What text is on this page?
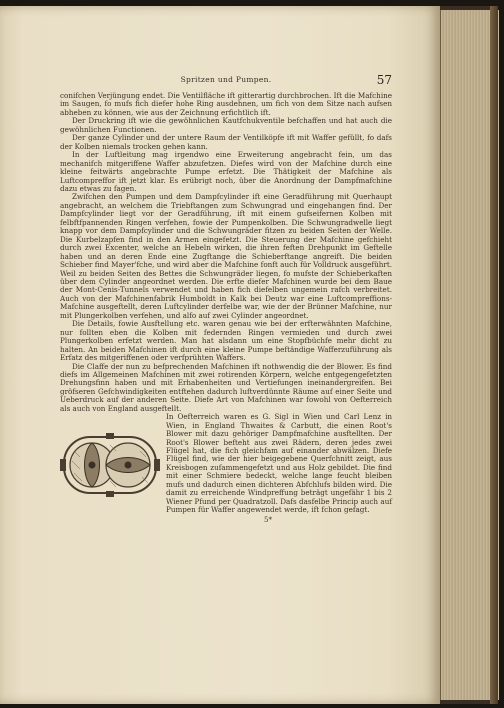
Spritzen und Pumpen.	57

conifchen Verjüngung endet. Die Ventilfläche ift gitterartig durchbrochen. Ift die Mafchine im Saugen, fo mufs fich diefer hohe Ring ausdehnen, um fich von dem Sitze nach aufsen abheben zu können, wie aus der Zeichnung erfichtlich ift.

Der Druckring ift wie die gewöhnlichen Kautfchukventile befchaffen und hat auch die gewöhnlichen Functionen.

Der ganze Cylinder und der untere Raum der Ventilköpfe ift mit Waffer gefüllt, fo dafs der Kolben niemals trocken gehen kann.

In der Luftleitung mag irgendwo eine Erweiterung angebracht fein, um das mechanifch mitgeriffene Waffer abzufetzen. Diefes wird von der Mafchine durch eine kleine feitwärts angebrachte Pumpe erfetzt. Die Thätigkeit der Mafchine als Luftcompreffor ift jetzt klar. Es erübrigt noch, über die Anordnung der Dampfmafchine dazu etwas zu fagen.

Zwifchen den Pumpen und dem Dampfcylinder ift eine Geradführung mit Querhaupt angebracht, an welchem die Triebftangen zum Schwungrad und eingehangen find. Der Dampfcylinder liegt vor der Geradführung, ift mit einem gufseifernen Kolben mit felbftfpannenden Ringen verfehen, fowie der Pumpenkolben. Die Schwungradwelle liegt knapp vor dem Dampfcylinder und die Schwungräder fitzen zu beiden Seiten der Welle. Die Kurbelzapfen find in den Armen eingefetzt. Die Steuerung der Mafchine gefchieht durch zwei Excenter, welche an Hebeln wirken, die ihren feften Drehpunkt im Geftelle haben und an deren Ende eine Zugftange die Schieberftange angreift. Die beiden Schieber find Mayer'fche, und wird aber die Mafchine fonft auch für Volldruck ausgeführt. Weil zu beiden Seiten des Bettes die Schwungräder liegen, fo mufste der Schieberkaften über dem Cylinder angeordnet werden. Die erfte diefer Mafchinen wurde bei dem Baue der Mont-Cenis-Tunnels verwendet und haben fich diefelben ungemein rafch verbreitet. Auch von der Mafchinenfabrik Humboldt in Kalk bei Deutz war eine Luftcompreffions-Mafchine ausgeftellt, deren Luftcylinder derfelbe war, wie der der Brünner Mafchine, nur mit Plungerkolben verfehen, und alfo auf zwei Cylinder angeordnet.

Die Details, fowie Ausftellung etc. waren genau wie bei der erfterwähnten Mafchine, nur follten eben die Kolben mit federnden Ringen vermieden und durch zwei Plungerkolben erfetzt werden. Man hat alsdann um eine Stopfbüchfe mehr dicht zu halten. An beiden Mafchinen ift durch eine kleine Pumpe beftändige Wafferzuführung als Erfatz des mitgeriffenen oder verfprühten Waffers.

Die Claffe der nun zu befprechenden Mafchinen ift nothwendig die der Blower. Es find diefs im Allgemeinen Mafchinen mit zwei rotirenden Körpern, welche entgegengefetzten Drehungsfinn haben und mit Erhabenheiten und Vertiefungen ineinandergreifen. Bei gröfseren Gefchwindigkeiten entftehen dadurch luftverdünnte Räume auf einer Seite und Ueberdruck auf der anderen Seite. Diefe Art von Mafchinen war fowohl von Oefterreich als auch von England ausgeftellt.

In Oefterreich waren es G. Sigl in Wien und Carl Lenz in Wien, in England Thwaites & Carbutt, die einen Root's Blower mit dazu gehöriger Dampfmafchine ausftellten. Der Root's Blower befteht aus zwei Rädern, deren jedes zwei Flügel hat, die fich gleichfam auf einander abwälzen. Diefe Flügel find, wie der hier beigegebene Querfchnitt zeigt, aus Kreisbogen zufammengefetzt und aus Holz gebildet. Die find mit einer Schmiere bedeckt, welche lange feucht bleiben mufs und dadurch einen dichteren Abfchlufs bilden wird. Die damit zu erreichende Windpreffung beträgt ungefähr 1 bis 2 Wiener Pfund per Quadratzoll. Dafs dasfelbe Princip auch auf Pumpen für Waffer angewendet werde, ift fchon gefagt.

5*
